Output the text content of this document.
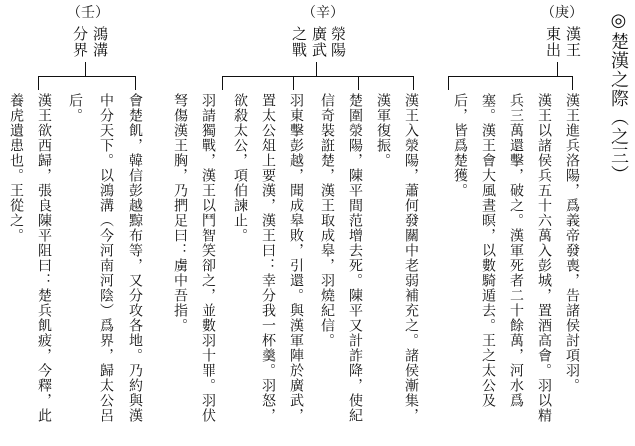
◎楚漢之際（之三）
（庚）
漢王
東出
漢王進兵洛陽，爲義帝發喪，告諸侯討項羽。
漢王以諸侯兵五十六萬入彭城，置酒高會。羽以精
兵三萬還擊，破之。漢軍死者二十餘萬，河水爲
塞。漢王會大風晝暝，以數騎遁去。王之太公及
后，皆爲楚獲。
（辛）
滎陽
廣武
之戰
漢王入滎陽，蕭何發關中老弱補充之。諸侯漸集，
漢軍復振。
楚圍滎陽，陳平間范增去死。陳平又計詐降，使紀
信奇裝誑楚，漢王取成皋，羽燒紀信。
羽東擊彭越，聞成皋敗，引還。與漢軍陣於廣武，
置太公俎上要漢，漢王曰：幸分我一杯羹。羽怒，
欲殺太公，項伯諫止。
羽請獨戰，漢王以鬥智笑卻之，並數羽十罪。羽伏
弩傷漢王胸，乃捫足曰：虜中吾指。
（壬）
鴻溝
分界
會楚飢，韓信彭越黥布等，又分攻各地。乃約與漢
中分天下。以鴻溝（今河南河陰）爲界，歸太公呂
后。
漢王欲西歸，張良陳平阻曰：楚兵飢疲，今釋，此
養虎遺患也。王從之。
